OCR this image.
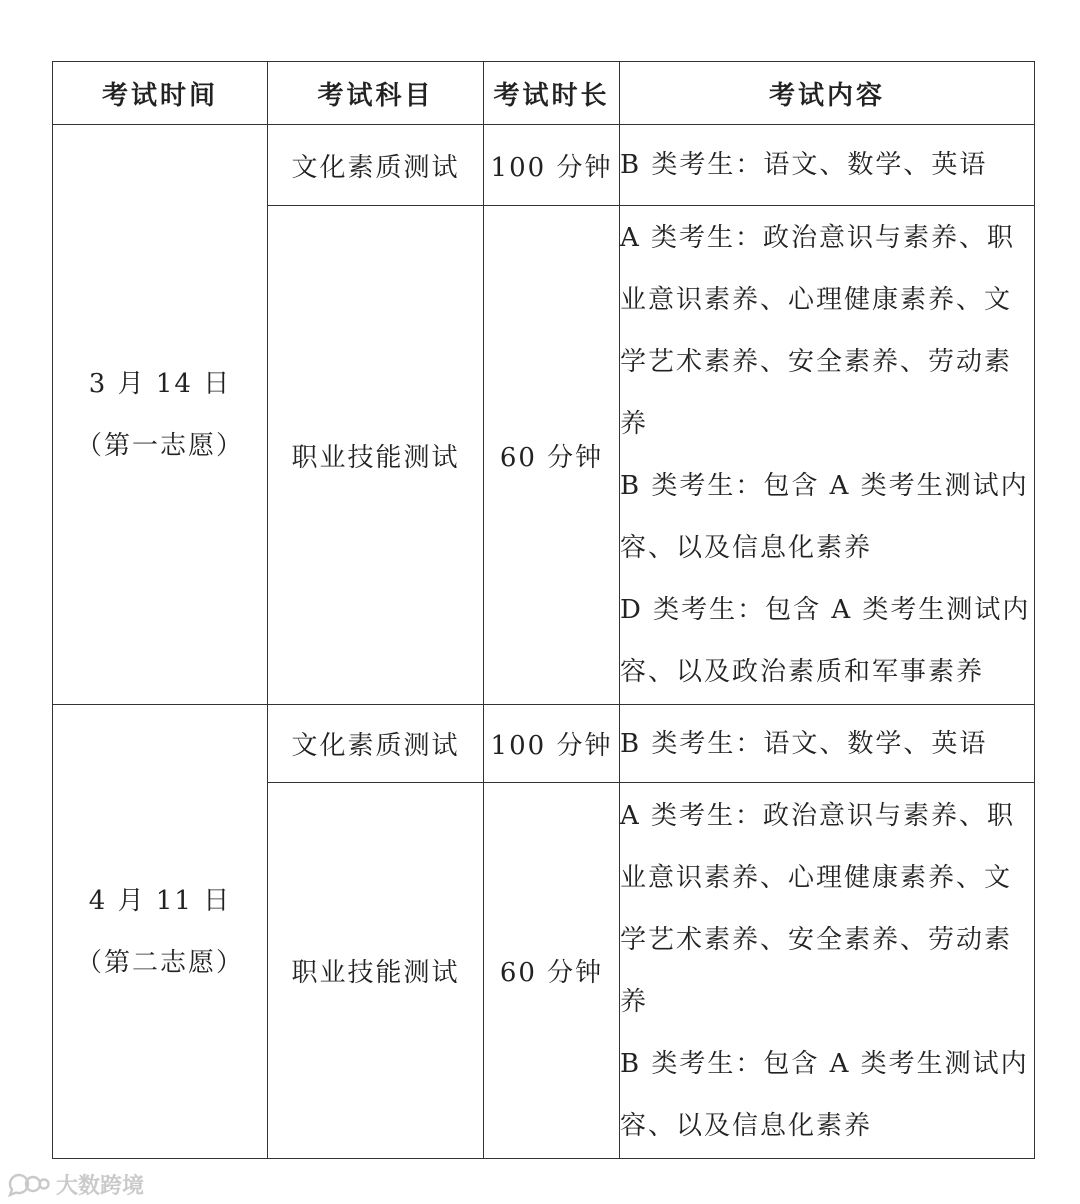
考试时间	考试科目	考试时长	考试内容

3 月 14 日
（第一志愿）	文化素质测试	100 分钟	B 类考生：语文、数学、英语

	职业技能测试	60 分钟	A 类考生：政治意识与素养、职业意识素养、心理健康素养、文学艺术素养、安全素养、劳动素养
B 类考生：包含 A 类考生测试内容、以及信息化素养
D 类考生：包含 A 类考生测试内容、以及政治素质和军事素养

4 月 11 日
（第二志愿）	文化素质测试	100 分钟	B 类考生：语文、数学、英语

	职业技能测试	60 分钟	A 类考生：政治意识与素养、职业意识素养、心理健康素养、文学艺术素养、安全素养、劳动素养
B 类考生：包含 A 类考生测试内容、以及信息化素养
大数跨境
